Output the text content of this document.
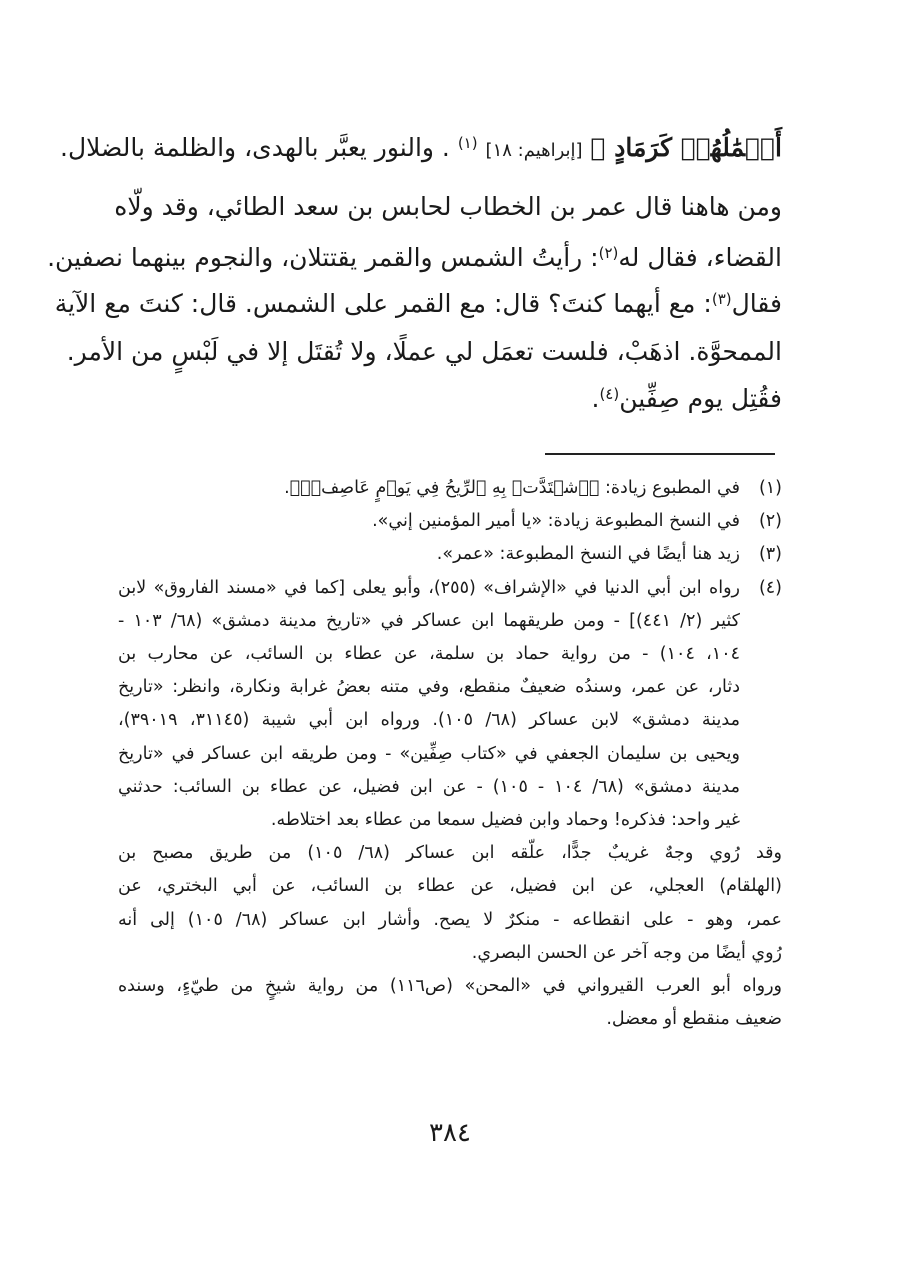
أَعۡمَٰلُهُمۡ كَرَمَادٍ ﴾ [إبراهيم: ١٨] $^{(١)}$ . والنور يعبَّر بالهدى، والظلمة بالضلال.
ومن هاهنا قال عمر بن الخطاب لحابس بن سعد الطائي، وقد ولّاه
القضاء، فقال له$^{(٢)}$: رأيتُ الشمس والقمر يقتتلان، والنجوم بينهما نصفين.
فقال$^{(٣)}$: مع أيهما كنتَ؟ قال: مع القمر على الشمس. قال: كنتَ مع الآية
الممحوَّة. اذهَبْ، فلست تعمَل لي عملًا، ولا تُقتَل إلا في لَبْسٍ من الأمر.
فقُتِل يوم صِفِّين$^{(٤)}$.
(١)
في المطبوع زيادة: ﴿ٱشۡتَدَّتۡ بِهِ ٱلرِّيحُ فِي يَوۡمٍ عَاصِفٖۖ﴾.
(٢)
في النسخ المطبوعة زيادة: «يا أمير المؤمنين إني».
(٣)
زيد هنا أيضًا في النسخ المطبوعة: «عمر».
(٤)
رواه ابن أبي الدنيا في «الإشراف» (٢٥٥)، وأبو يعلى [كما في «مسند الفاروق» لابن
كثير (٢/ ٤٤١)] - ومن طريقهما ابن عساكر في «تاريخ مدينة دمشق» (٦٨/ ١٠٣ -
١٠٤، ١٠٤) - من رواية حماد بن سلمة، عن عطاء بن السائب، عن محارب بن
دثار، عن عمر، وسندُه ضعيفٌ منقطع، وفي متنه بعضُ غرابة ونكارة، وانظر: «تاريخ
مدينة دمشق» لابن عساكر (٦٨/ ١٠٥). ورواه ابن أبي شيبة (٣١١٤٥، ٣٩٠١٩)،
ويحيى بن سليمان الجعفي في «كتاب صِفِّين» - ومن طريقه ابن عساكر في «تاريخ
مدينة دمشق» (٦٨/ ١٠٤ - ١٠٥) - عن ابن فضيل، عن عطاء بن السائب: حدثني
غير واحد: فذكره! وحماد وابن فضيل سمعا من عطاء بعد اختلاطه.
وقد رُوي وجهٌ غريبٌ جدًّا، علّقه ابن عساكر (٦٨/ ١٠٥) من طريق مصبح بن
(الهلقام) العجلي، عن ابن فضيل، عن عطاء بن السائب، عن أبي البختري، عن
عمر، وهو - على انقطاعه - منكرٌ لا يصح. وأشار ابن عساكر (٦٨/ ١٠٥) إلى أنه
رُوي أيضًا من وجه آخر عن الحسن البصري.
ورواه أبو العرب القيرواني في «المحن» (ص١١٦) من رواية شيخٍ من طيّءٍ، وسنده
ضعيف منقطع أو معضل.
٣٨٤
